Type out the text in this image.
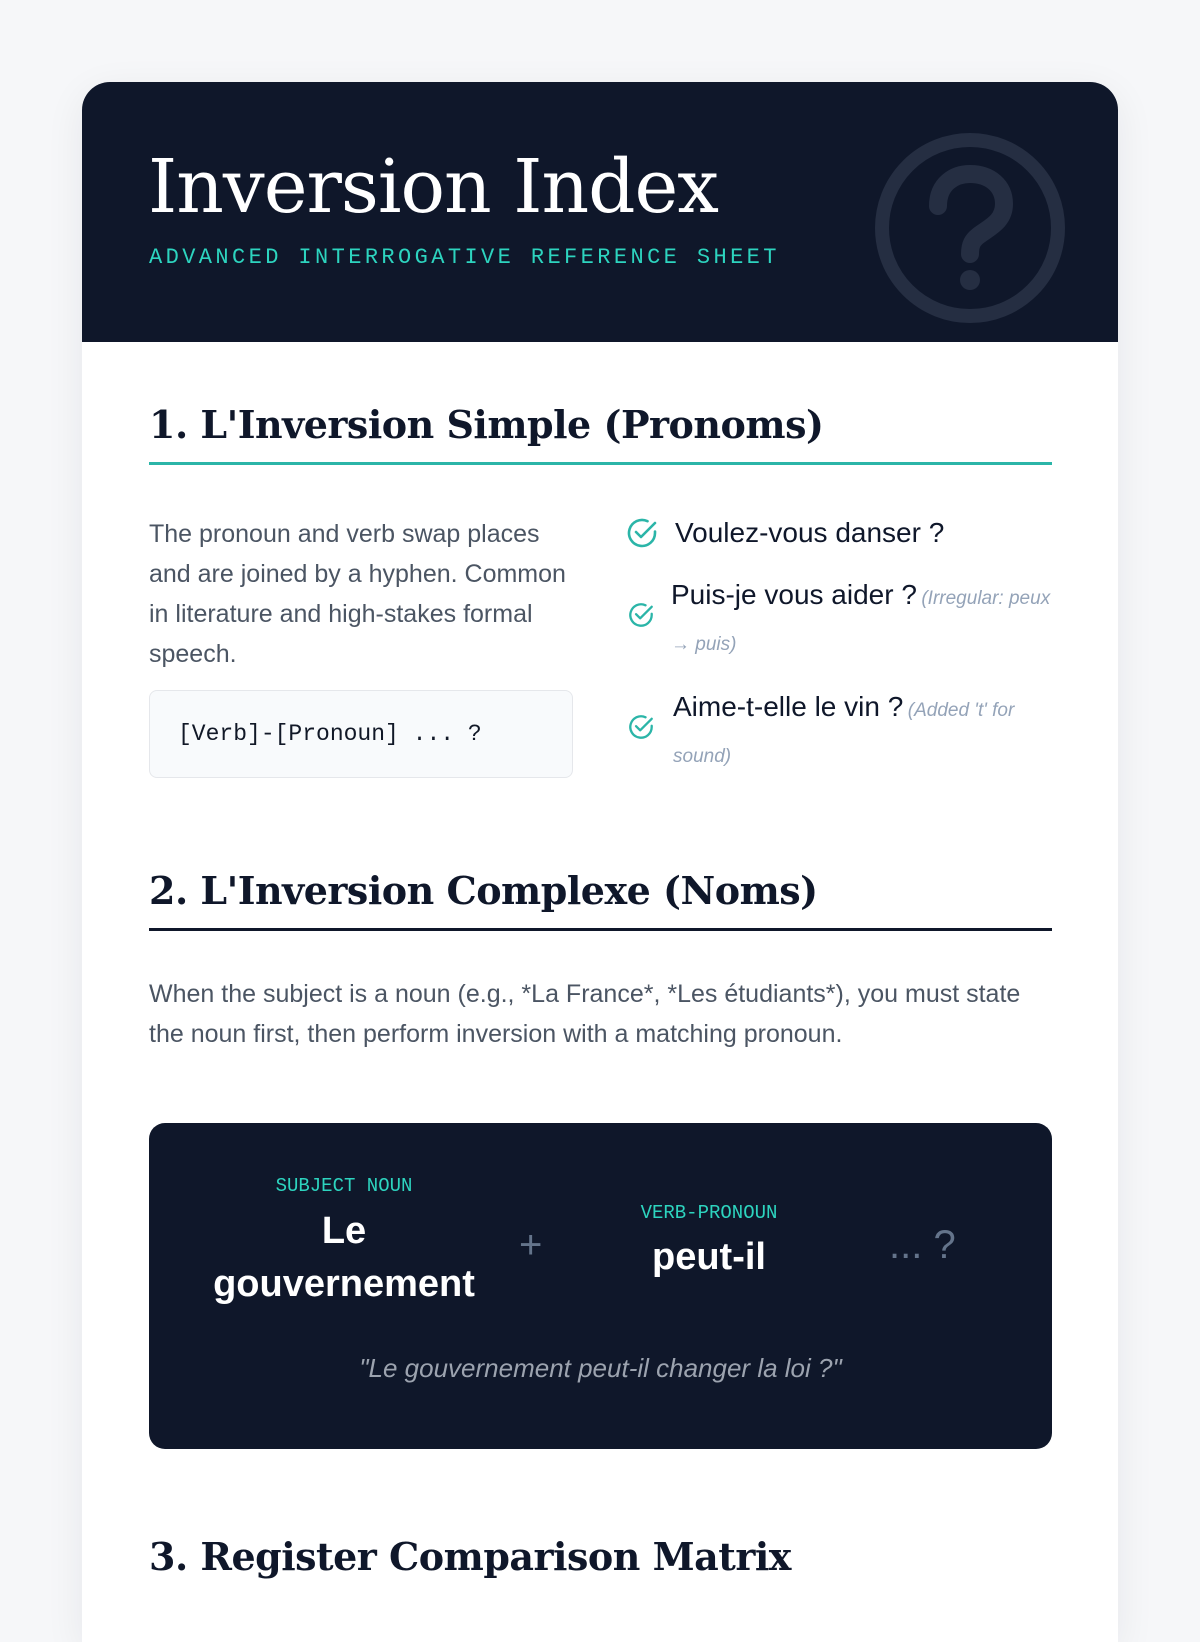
Inversion Index
ADVANCED INTERROGATIVE REFERENCE SHEET
1. L'Inversion Simple (Pronoms)

The pronoun and verb swap places and are joined by a hyphen. Common in literature and high-stakes formal speech.

[Verb]-[Pronoun] ... ?
Voulez-vous danser ?
Puis-je vous aider ? (Irregular: peux → puis)
Aime-t-elle le vin ? (Added 't' for sound)
2. L'Inversion Complexe (Noms)

When the subject is a noun (e.g., *La France*, *Les étudiants*), you must state the noun first, then perform inversion with a matching pronoun.

SUBJECT NOUN
Le gouvernement
+
VERB-PRONOUN
peut-il	... ?
"Le gouvernement peut-il changer la loi ?"
3. Register Comparison Matrix
